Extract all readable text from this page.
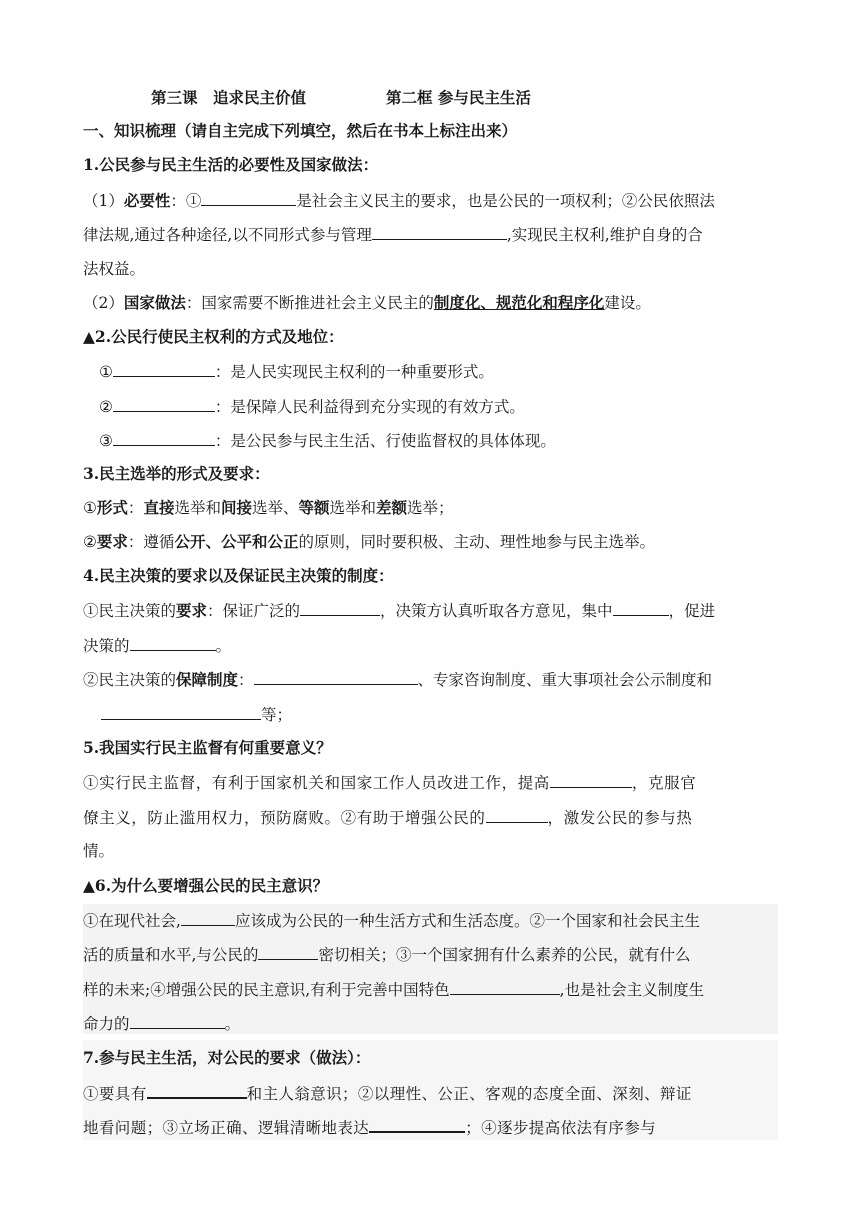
第三课　追求民主价值	第二框 参与民主生活
一、知识梳理（请自主完成下列填空，然后在书本上标注出来）
1.公民参与民主生活的必要性及国家做法：
（1）必要性：①	是社会主义民主的要求，也是公民的一项权利；②公民依照法
律法规,通过各种途径,以不同形式参与管理	,实现民主权利,维护自身的合
法权益。
（2）国家做法：国家需要不断推进社会主义民主的制度化、规范化和程序化建设。
▲2.公民行使民主权利的方式及地位：
①	：是人民实现民主权利的一种重要形式。
②	：是保障人民利益得到充分实现的有效方式。
③	：是公民参与民主生活、行使监督权的具体体现。
3.民主选举的形式及要求：
①形式：直接选举和间接选举、等额选举和差额选举；
②要求：遵循公开、公平和公正的原则，同时要积极、主动、理性地参与民主选举。
4.民主决策的要求以及保证民主决策的制度：
①民主决策的要求：保证广泛的	，决策方认真听取各方意见，集中	，促进
决策的	。
②民主决策的保障制度：	、专家咨询制度、重大事项社会公示制度和
等；
5.我国实行民主监督有何重要意义？
①实行民主监督，有利于国家机关和国家工作人员改进工作，提高	，克服官
僚主义，防止滥用权力，预防腐败。②有助于增强公民的	，激发公民的参与热
情。
▲6.为什么要增强公民的民主意识？
①在现代社会,	应该成为公民的一种生活方式和生活态度。②一个国家和社会民主生
活的质量和水平,与公民的	密切相关；③一个国家拥有什么素养的公民，就有什么
样的未来;④增强公民的民主意识,有利于完善中国特色	,也是社会主义制度生
命力的	。
7.参与民主生活，对公民的要求（做法）：
①要具有	和主人翁意识；②以理性、公正、客观的态度全面、深刻、辩证
地看问题；③立场正确、逻辑清晰地表达	；④逐步提高依法有序参与
